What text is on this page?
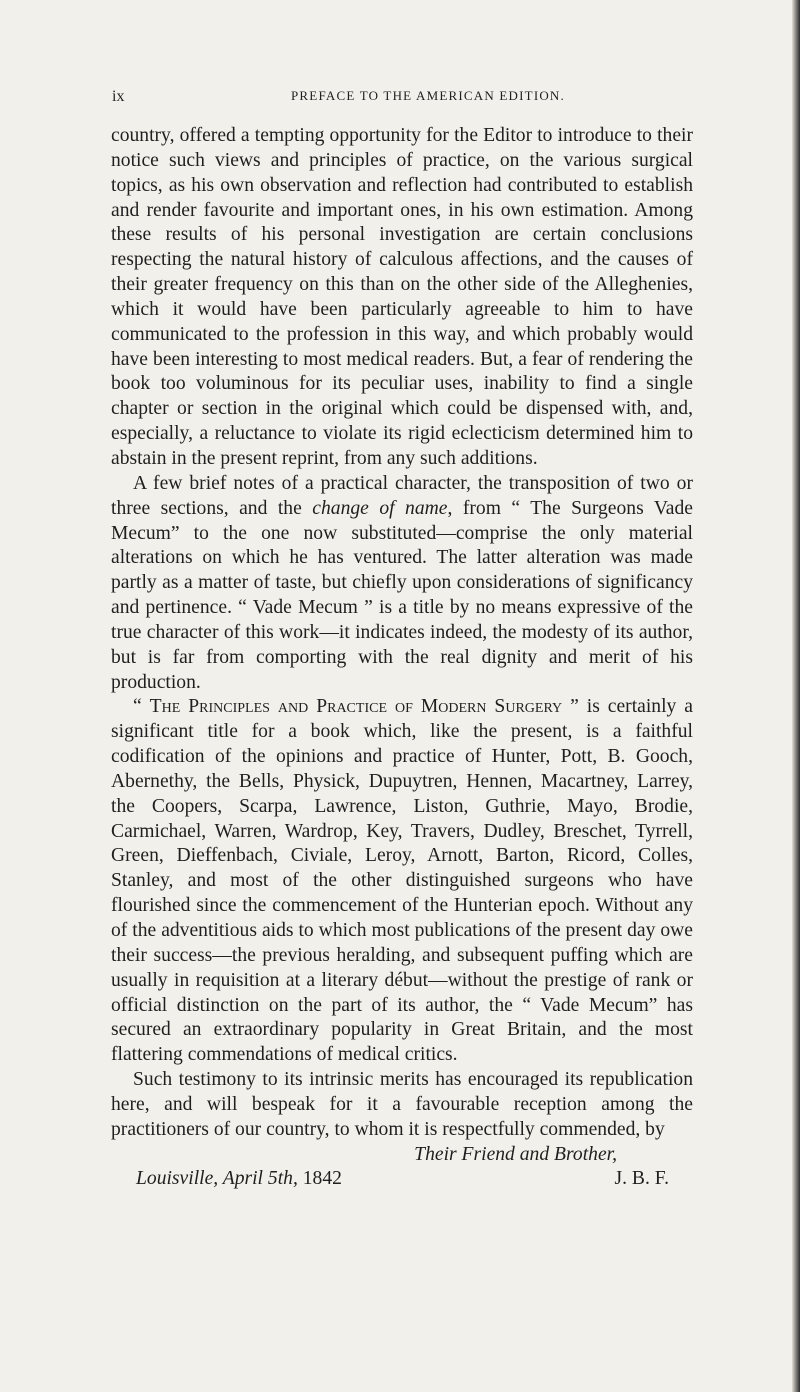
ix	PREFACE TO THE AMERICAN EDITION.

country, offered a tempting opportunity for the Editor to introduce to their notice such views and principles of practice, on the various surgical topics, as his own observation and reflection had contributed to establish and render favourite and important ones, in his own estimation. Among these results of his personal investigation are certain conclusions respecting the natural history of calculous affections, and the causes of their greater frequency on this than on the other side of the Alleghenies, which it would have been particularly agreeable to him to have communicated to the profession in this way, and which probably would have been interesting to most medical readers. But, a fear of rendering the book too voluminous for its peculiar uses, inability to find a single chapter or section in the original which could be dispensed with, and, especially, a reluctance to violate its rigid eclecticism determined him to abstain in the present reprint, from any such additions.

A few brief notes of a practical character, the transposition of two or three sections, and the change of name, from “ The Surgeons Vade Mecum” to the one now substituted—comprise the only material alterations on which he has ventured. The latter alteration was made partly as a matter of taste, but chiefly upon considerations of significancy and pertinence. “ Vade Mecum ” is a title by no means expressive of the true character of this work—it indicates indeed, the modesty of its author, but is far from comporting with the real dignity and merit of his production.

“ The Principles and Practice of Modern Surgery ” is certainly a significant title for a book which, like the present, is a faithful codification of the opinions and practice of Hunter, Pott, B. Gooch, Abernethy, the Bells, Physick, Dupuytren, Hennen, Macartney, Larrey, the Coopers, Scarpa, Lawrence, Liston, Guthrie, Mayo, Brodie, Carmichael, Warren, Wardrop, Key, Travers, Dudley, Breschet, Tyrrell, Green, Dieffenbach, Civiale, Leroy, Arnott, Barton, Ricord, Colles, Stanley, and most of the other distinguished surgeons who have flourished since the commencement of the Hunterian epoch. Without any of the adventitious aids to which most publications of the present day owe their success—the previous heralding, and subsequent puffing which are usually in requisition at a literary début—without the prestige of rank or official distinction on the part of its author, the “ Vade Mecum” has secured an extraordinary popularity in Great Britain, and the most flattering commendations of medical critics.

Such testimony to its intrinsic merits has encouraged its republication here, and will bespeak for it a favourable reception among the practitioners of our country, to whom it is respectfully commended, by

Their Friend and Brother,

J. B. F.

Louisville, April 5th, 1842
